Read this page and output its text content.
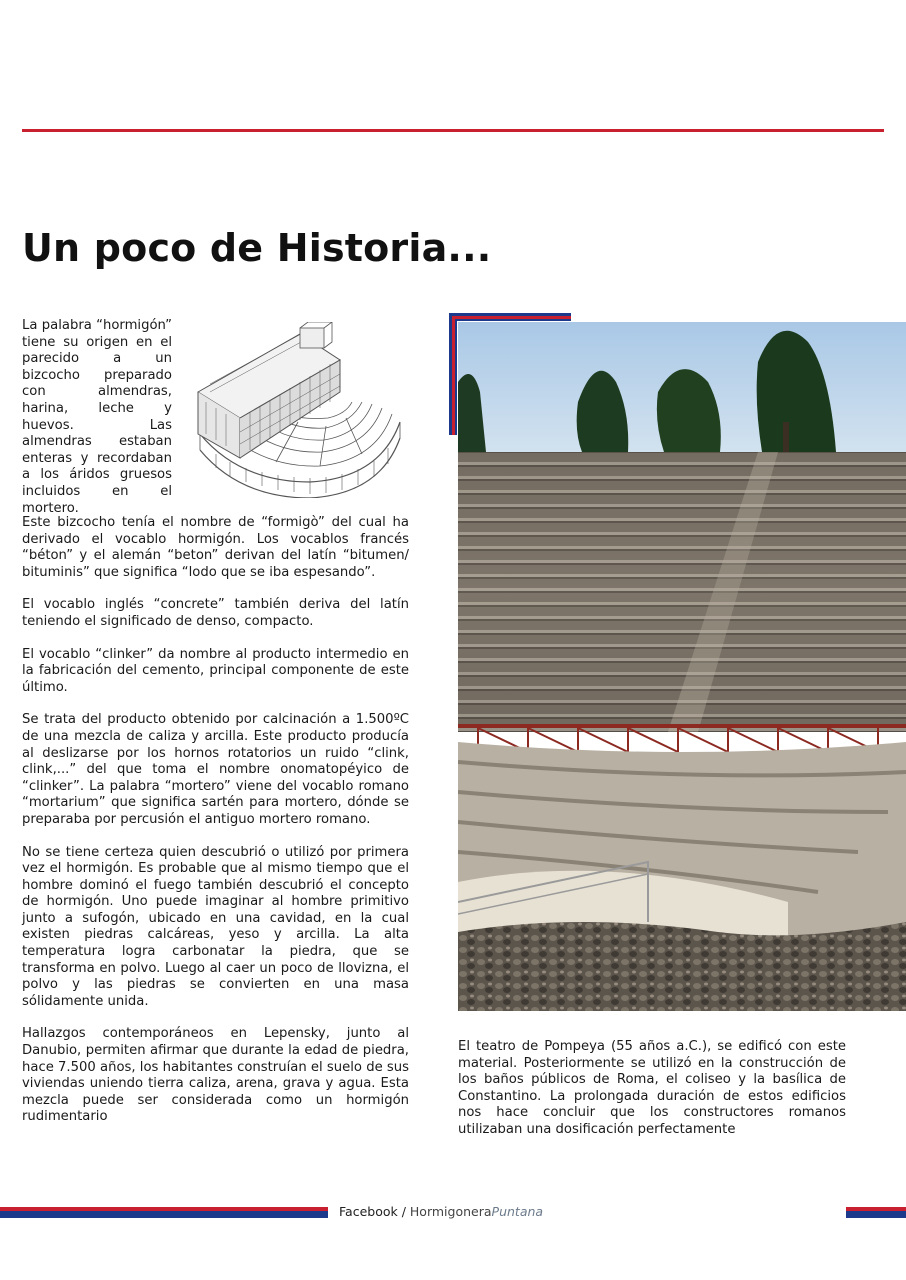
Un poco de Historia...

La palabra “hormigón” tiene su origen en el parecido a un bizcocho preparado con almendras, harina, leche y huevos. Las almendras estaban enteras y recordaban a los áridos gruesos incluidos en el mortero.

Este bizcocho tenía el nombre de “formigò” del cual ha derivado el vocablo hormigón. Los vocablos francés “béton” y el alemán “beton” derivan del latín “bitumen/ bituminis” que significa “lodo que se iba espesando”.

El vocablo inglés “concrete” también deriva del latín teniendo el significado de denso, compacto.

El vocablo “clinker” da nombre al producto intermedio en la fabricación del cemento, principal componente de este último.

Se trata del producto obtenido por calcinación a 1.500ºC de una mezcla de caliza y arcilla. Este producto producía al deslizarse por los hornos rotatorios un ruido “clink, clink,...” del que toma el nombre onomatopéyico de “clinker”. La palabra “mortero” viene del vocablo romano “mortarium” que significa sartén para mortero, dónde se preparaba por percusión el antiguo mortero romano.

No se tiene certeza quien descubrió o utilizó por primera vez el hormigón. Es probable que al mismo tiempo que el hombre dominó el fuego también descubrió el concepto de hormigón. Uno puede imaginar al hombre primitivo junto a sufogón, ubicado en una cavidad, en la cual existen piedras calcáreas, yeso y arcilla. La alta temperatura logra carbonatar la piedra, que se transforma en polvo. Luego al caer un poco de llovizna, el polvo y las piedras se convierten en una masa sólidamente unida.

Hallazgos contemporáneos en Lepensky, junto al Danubio, permiten afirmar que durante la edad de piedra, hace 7.500 años, los habitantes construían el suelo de sus viviendas uniendo tierra caliza, arena, grava y agua. Esta mezcla puede ser considerada como un hormigón rudimentario

El teatro de Pompeya (55 años a.C.), se edificó con este material. Posteriormente se utilizó en la construcción de los baños públicos de Roma, el coliseo y la basílica de Constantino. La prolongada duración de estos edificios nos hace concluir que los constructores romanos utilizaban una dosificación perfectamente

Facebook / HormigoneraPuntana
